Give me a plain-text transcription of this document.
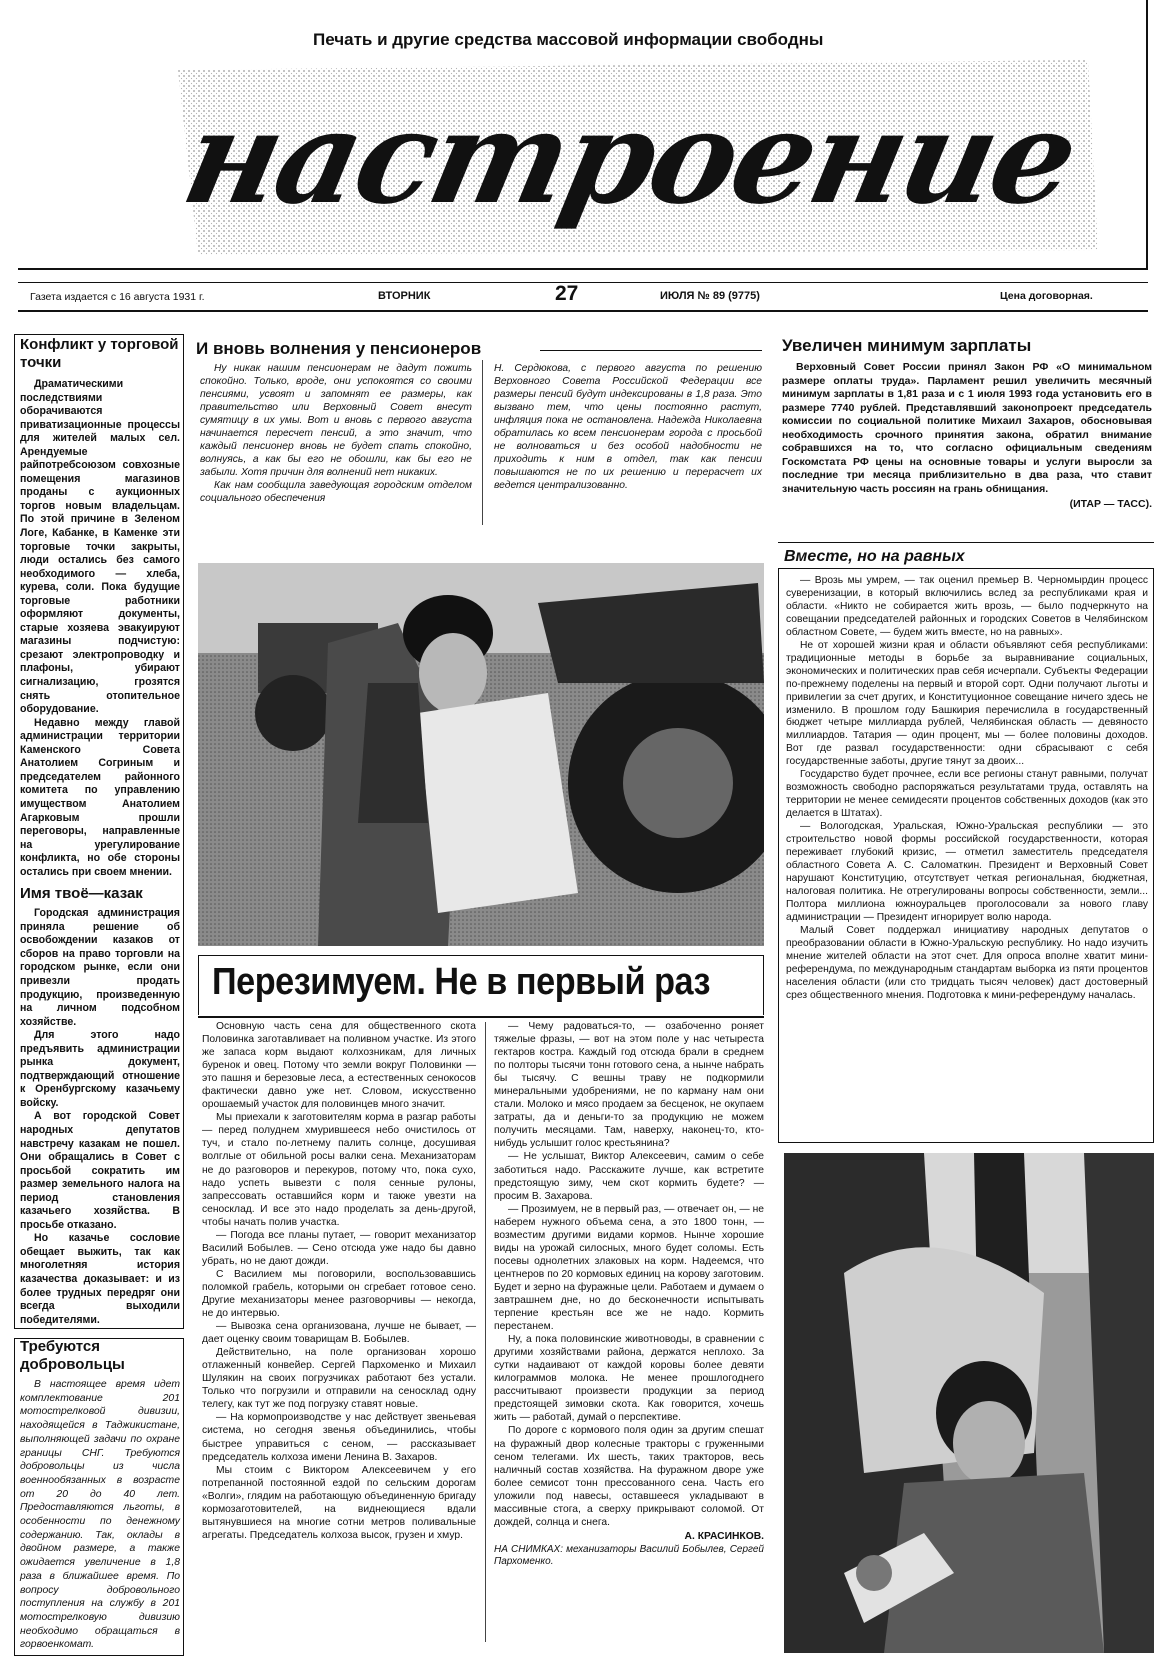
Печать и другие средства массовой информации свободны
настроение
Газета издается с 16 августа 1931 г.	ВТОРНИК	27	ИЮЛЯ № 89 (9775)	Цена договорная.
Конфликт у торговой точки

Драматическими последствиями оборачиваются приватизационные процессы для жителей малых сел. Арендуемые райпотребсоюзом совхозные помещения магазинов проданы с аукционных торгов новым владельцам. По этой причине в Зеленом Логе, Кабанке, в Каменке эти торговые точки закрыты, люди остались без самого необходимого — хлеба, курева, соли. Пока будущие торговые работники оформляют документы, старые хозяева эвакуируют магазины подчистую: срезают электропроводку и плафоны, убирают сигнализацию, грозятся снять отопительное оборудование.

Недавно между главой администрации территории Каменского Совета Анатолием Согриным и председателем районного комитета по управлению имуществом Анатолием Агарковым прошли переговоры, направленные на урегулирование конфликта, но обе стороны остались при своем мнении.

Имя твоё—казак

Городская администрация приняла решение об освобождении казаков от сборов на право торговли на городском рынке, если они привезли продать продукцию, произведенную на личном подсобном хозяйстве.

Для этого надо предъявить администрации рынка документ, подтверждающий отношение к Оренбургскому казачьему войску.

А вот городской Совет народных депутатов навстречу казакам не пошел. Они обращались в Совет с просьбой сократить им размер земельного налога на период становления казачьего хозяйства. В просьбе отказано.

Но казачье сословие обещает выжить, так как многолетняя история казачества доказывает: и из более трудных передряг они всегда выходили победителями.

Требуются добровольцы

В настоящее время идет комплектование 201 мотострелковой дивизии, находящейся в Таджикистане, выполняющей задачи по охране границы СНГ. Требуются добровольцы из числа военнообязанных в возрасте от 20 до 40 лет. Предоставляются льготы, в особенности по денежному содержанию. Так, оклады в двойном размере, а также ожидается увеличение в 1,8 раза в ближайшее время. По вопросу добровольного поступления на службу в 201 мотострелковую дивизию необходимо обращаться в горвоенкомат.

И вновь волнения у пенсионеров

Ну никак нашим пенсионерам не дадут пожить спокойно. Только, вроде, они успокоятся со своими пенсиями, усвоят и запомнят ее размеры, как правительство или Верховный Совет внесут сумятицу в их умы. Вот и вновь с первого августа начинается пересчет пенсий, а это значит, что каждый пенсионер вновь не будет спать спокойно, волнуясь, а как бы его не обошли, как бы его не забыли. Хотя причин для волнений нет никаких.

Как нам сообщила заведующая городским отделом социального обеспечения

Н. Сердюкова, с первого августа по решению Верховного Совета Российской Федерации все размеры пенсий будут индексированы в 1,8 раза. Это вызвано тем, что цены постоянно растут, инфляция пока не остановлена. Надежда Николаевна обратилась ко всем пенсионерам города с просьбой не волноваться и без особой надобности не приходить к ним в отдел, так как пенсии повышаются не по их решению и перерасчет их ведется централизованно.

Перезимуем. Не в первый раз

Основную часть сена для общественного скота Половинка заготавливает на поливном участке. Из этого же запаса корм выдают колхозникам, для личных буренок и овец. Потому что земли вокруг Половинки — это пашня и березовые леса, а естественных сенокосов фактически давно уже нет. Словом, искусственно орошаемый участок для половинцев много значит.

Мы приехали к заготовителям корма в разгар работы — перед полуднем хмурившееся небо очистилось от туч, и стало по-летнему палить солнце, досушивая волглые от обильной росы валки сена. Механизаторам не до разговоров и перекуров, потому что, пока сухо, надо успеть вывезти с поля сенные рулоны, запрессовать оставшийся корм и также увезти на сеносклад. И все это надо проделать за день-другой, чтобы начать полив участка.

— Погода все планы путает, — говорит механизатор Василий Бобылев. — Сено отсюда уже надо бы давно убрать, но не дают дожди.

С Василием мы поговорили, воспользовавшись поломкой грабель, которыми он сгребает готовое сено. Другие механизаторы менее разговорчивы — некогда, не до интервью.

— Вывозка сена организована, лучше не бывает, — дает оценку своим товарищам В. Бобылев.

Действительно, на поле организован хорошо отлаженный конвейер. Сергей Пархоменко и Михаил Шулякин на своих погрузчиках работают без устали. Только что погрузили и отправили на сеносклад одну телегу, как тут же под погрузку ставят новые.

— На кормопроизводстве у нас действует звеньевая система, но сегодня звенья объединились, чтобы быстрее управиться с сеном, — рассказывает председатель колхоза имени Ленина В. Захаров.

Мы стоим с Виктором Алексеевичем у его потрепанной постоянной ездой по сельским дорогам «Волги», глядим на работающую объединенную бригаду кормозаготовителей, на виднеющиеся вдали вытянувшиеся на многие сотни метров поливальные агрегаты. Председатель колхоза высок, грузен и хмур.

— Чему радоваться-то, — озабоченно роняет тяжелые фразы, — вот на этом поле у нас четыреста гектаров костра. Каждый год отсюда брали в среднем по полторы тысячи тонн готового сена, а нынче набрать бы тысячу. С вешны траву не подкормили минеральными удобрениями, не по карману нам они стали. Молоко и мясо продаем за бесценок, не окупаем затраты, да и деньги-то за продукцию не можем получить месяцами. Там, наверху, наконец-то, кто-нибудь услышит голос крестьянина?

— Не услышат, Виктор Алексеевич, самим о себе заботиться надо. Расскажите лучше, как встретите предстоящую зиму, чем скот кормить будете? — просим В. Захарова.

— Прозимуем, не в первый раз, — отвечает он, — не наберем нужного объема сена, а это 1800 тонн, — возместим другими видами кормов. Нынче хорошие виды на урожай силосных, много будет соломы. Есть посевы однолетних злаковых на корм. Надеемся, что центнеров по 20 кормовых единиц на корову заготовим. Будет и зерно на фуражные цели. Работаем и думаем о завтрашнем дне, но до бесконечности испытывать терпение крестьян все же не надо. Кормить перестанем.

Ну, а пока половинские животноводы, в сравнении с другими хозяйствами района, держатся неплохо. За сутки надаивают от каждой коровы более девяти килограммов молока. Не менее прошлогоднего рассчитывают произвести продукции за период предстоящей зимовки скота. Как говорится, хочешь жить — работай, думай о перспективе.

По дороге с кормового поля один за другим спешат на фуражный двор колесные тракторы с груженными сеном телегами. Их шесть, таких тракторов, весь наличный состав хозяйства. На фуражном дворе уже более семисот тонн прессованного сена. Часть его уложили под навесы, оставшееся укладывают в массивные стога, а сверху прикрывают соломой. От дождей, солнца и снега.

А. КРАСИНКОВ.
НА СНИМКАХ: механизаторы Василий Бобылев, Сергей Пархоменко.
Увеличен минимум зарплаты

Верховный Совет России принял Закон РФ «О минимальном размере оплаты труда». Парламент решил увеличить месячный минимум зарплаты в 1,81 раза и с 1 июля 1993 года установить его в размере 7740 рублей. Представлявший законопроект председатель комиссии по социальной политике Михаил Захаров, обосновывая необходимость срочного принятия закона, обратил внимание собравшихся на то, что согласно официальным сведениям Госкомстата РФ цены на основные товары и услуги выросли за последние три месяца приблизительно в два раза, что ставит значительную часть россиян на грань обнищания.

(ИТАР — ТАСС).
Вместе, но на равных

— Врозь мы умрем, — так оценил премьер В. Черномырдин процесс суверенизации, в который включились вслед за республиками края и области. «Никто не собирается жить врозь, — было подчеркнуто на совещании председателей районных и городских Советов в Челябинском областном Совете, — будем жить вместе, но на равных».

Не от хорошей жизни края и области объявляют себя республиками: традиционные методы в борьбе за выравнивание социальных, экономических и политических прав себя исчерпали. Субъекты Федерации по-прежнему поделены на первый и второй сорт. Одни получают льготы и привилегии за счет других, и Конституционное совещание ничего здесь не изменило. В прошлом году Башкирия перечислила в государственный бюджет четыре миллиарда рублей, Челябинская область — девяносто миллиардов. Татария — один процент, мы — более половины доходов. Вот где развал государственности: одни сбрасывают с себя государственные заботы, другие тянут за двоих...

Государство будет прочнее, если все регионы станут равными, получат возможность свободно распоряжаться результатами труда, оставлять на территории не менее семидесяти процентов собственных доходов (как это делается в Штатах).

— Вологодская, Уральская, Южно-Уральская республики — это строительство новой формы российской государственности, которая переживает глубокий кризис, — отметил заместитель председателя областного Совета А. С. Саломаткин. Президент и Верховный Совет нарушают Конституцию, отсутствует четкая региональная, бюджетная, налоговая политика. Не отрегулированы вопросы собственности, земли... Полтора миллиона южноуральцев проголосовали за нового главу администрации — Президент игнорирует волю народа.

Малый Совет поддержал инициативу народных депутатов о преобразовании области в Южно-Уральскую республику. Но надо изучить мнение жителей области на этот счет. Для опроса вполне хватит мини-референдума, по международным стандартам выборка из пяти процентов населения области (или сто тридцать тысяч человек) даст достоверный срез общественного мнения. Подготовка к мини-референдуму началась.
